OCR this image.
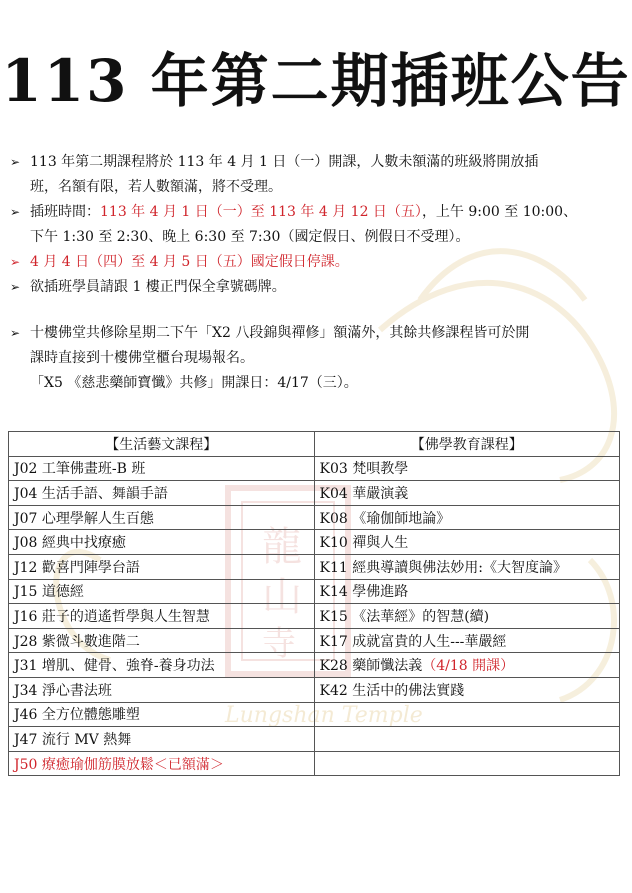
龍
山
寺
Lungshan Temple
113 年第二期插班公告
➢ 113 年第二期課程將於 113 年 4 月 1 日（一）開課，人數未額滿的班級將開放插
班，名額有限，若人數額滿，將不受理。
➢ 插班時間：113 年 4 月 1 日（一）至 113 年 4 月 12 日（五），上午 9:00 至 10:00、
下午 1:30 至 2:30、晚上 6:30 至 7:30（國定假日、例假日不受理）。
➢ 4 月 4 日（四）至 4 月 5 日（五）國定假日停課。
➢ 欲插班學員請跟 1 樓正門保全拿號碼牌。
➢ 十樓佛堂共修除星期二下午「X2 八段錦與禪修」額滿外，其餘共修課程皆可於開
課時直接到十樓佛堂櫃台現場報名。
「X5 《慈悲藥師寶懺》共修」開課日：4/17（三）。
【生活藝文課程】	【佛學教育課程】
J02 工筆佛畫班-B 班	K03 梵唄教學
J04 生活手語、舞韻手語	K04 華嚴演義
J07 心理學解人生百態	K08 《瑜伽師地論》
J08 經典中找療癒	K10 禪與人生
J12 歡喜門陣學台語	K11 經典導讀與佛法妙用:《大智度論》
J15 道德經	K14 學佛進路
J16 莊子的逍遙哲學與人生智慧	K15 《法華經》的智慧(續)
J28 紫微斗數進階二	K17 成就富貴的人生---華嚴經
J31 增肌、健骨、強脊-養身功法	K28 藥師懺法義（4/18 開課）
J34 淨心書法班	K42 生活中的佛法實踐
J46 全方位體態雕塑	
J47 流行 MV 熱舞	
J50 療癒瑜伽筋膜放鬆＜已額滿＞	
